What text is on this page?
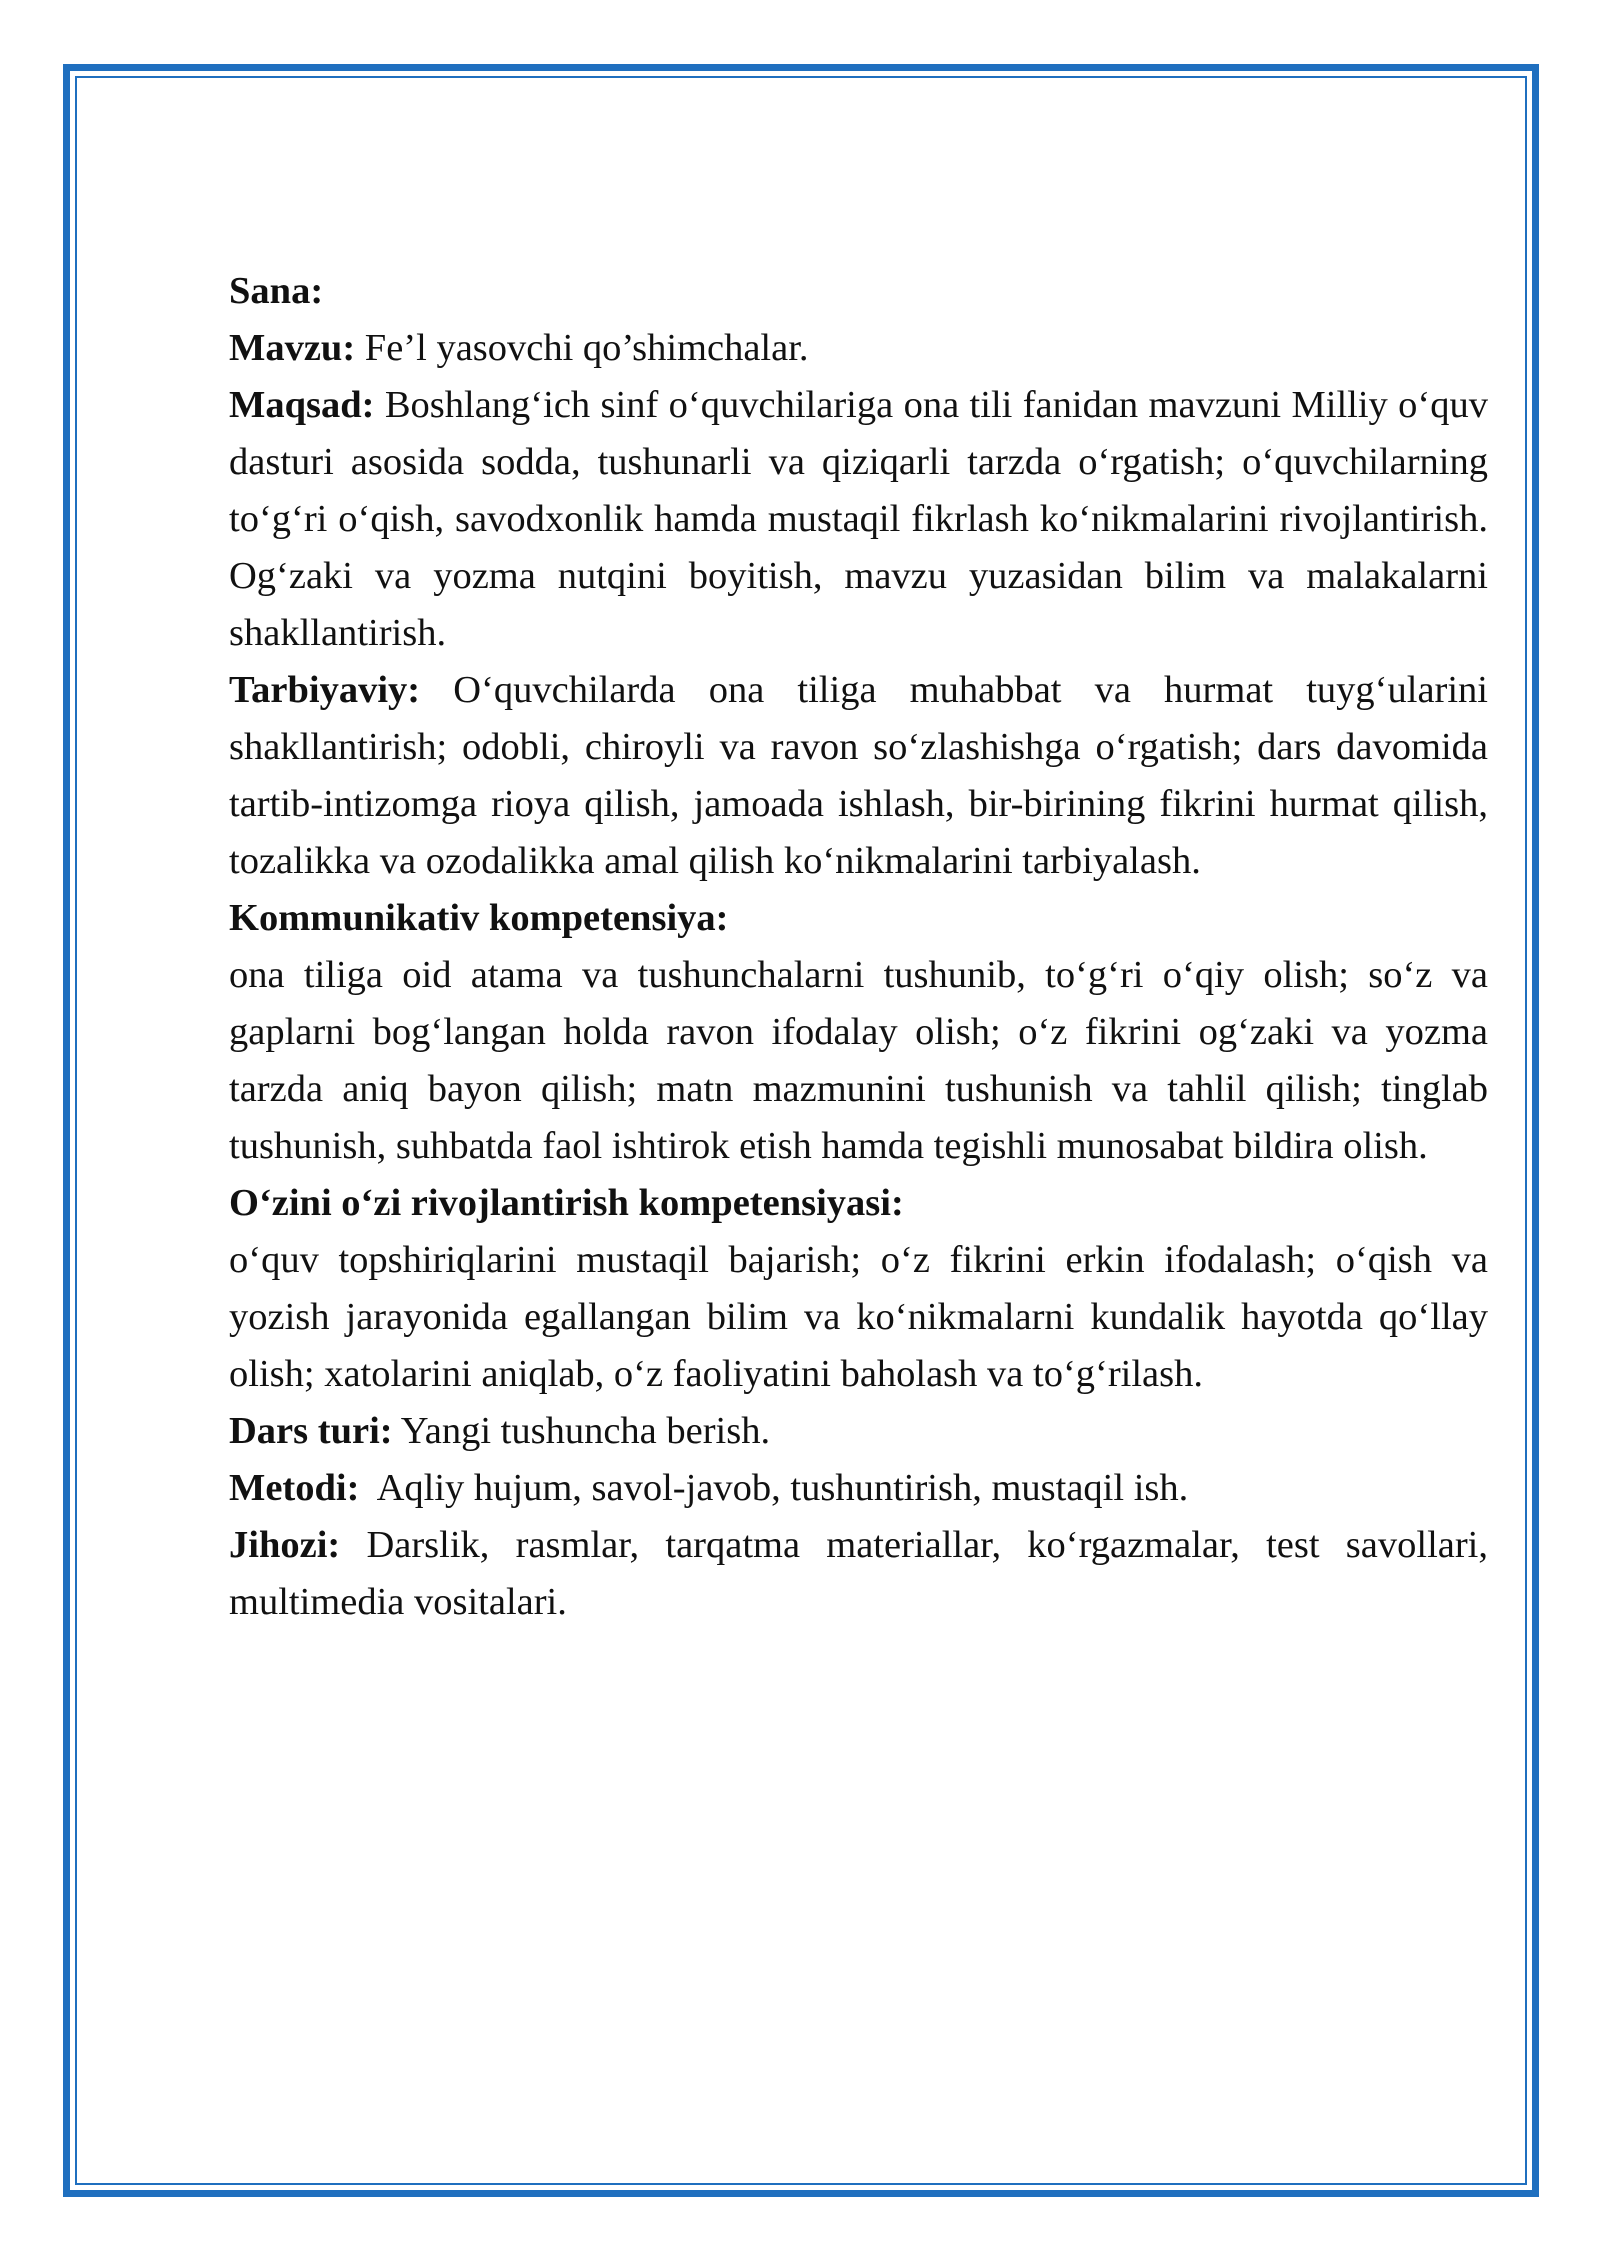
Sana:

Mavzu: Fe’l yasovchi qo’shimchalar.

Maqsad: Boshlang‘ich sinf o‘quvchilariga ona tili fanidan mavzuni Milliy o‘quv dasturi asosida sodda, tushunarli va qiziqarli tarzda o‘rgatish; o‘quvchilarning to‘g‘ri o‘qish, savodxonlik hamda mustaqil fikrlash ko‘nikmalarini rivojlantirish. Og‘zaki va yozma nutqini boyitish, mavzu yuzasidan bilim va malakalarni shakllantirish.

Tarbiyaviy: O‘quvchilarda ona tiliga muhabbat va hurmat tuyg‘ularini shakllantirish; odobli, chiroyli va ravon so‘zlashishga o‘rgatish; dars davomida tartib-intizomga rioya qilish, jamoada ishlash, bir-birining fikrini hurmat qilish, tozalikka va ozodalikka amal qilish ko‘nikmalarini tarbiyalash.

Kommunikativ kompetensiya:

ona tiliga oid atama va tushunchalarni tushunib, to‘g‘ri o‘qiy olish; so‘z va gaplarni bog‘langan holda ravon ifodalay olish; o‘z fikrini og‘zaki va yozma tarzda aniq bayon qilish; matn mazmunini tushunish va tahlil qilish; tinglab tushunish, suhbatda faol ishtirok etish hamda tegishli munosabat bildira olish.

O‘zini o‘zi rivojlantirish kompetensiyasi:

o‘quv topshiriqlarini mustaqil bajarish; o‘z fikrini erkin ifodalash; o‘qish va yozish jarayonida egallangan bilim va ko‘nikmalarni kundalik hayotda qo‘llay olish; xatolarini aniqlab, o‘z faoliyatini baholash va to‘g‘rilash.

Dars turi: Yangi tushuncha berish.

Metodi:  Aqliy hujum, savol-javob, tushuntirish, mustaqil ish.

Jihozi: Darslik, rasmlar, tarqatma materiallar, ko‘rgazmalar, test savollari, multimedia vositalari.
